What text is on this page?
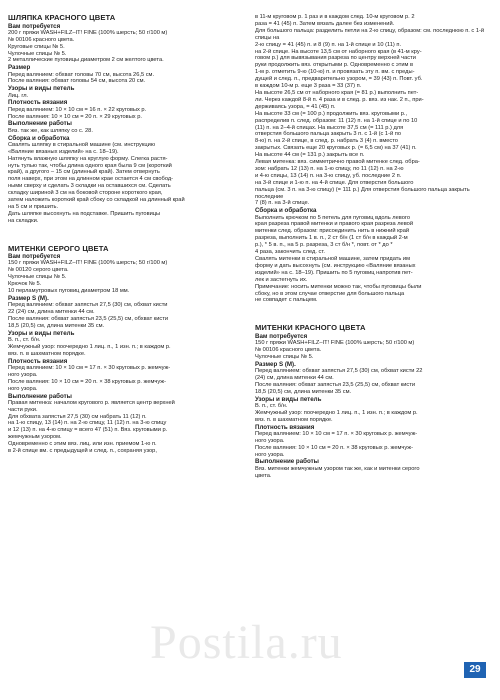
ШЛЯПКА КРАСНОГО ЦВЕТА

Вам потребуется

200 г пряжи WASH+FILZ–IT! FINE (100% шерсть; 50 г/100 м)

№ 00106 красного цвета.

Круговые спицы № 5.

Чулочные спицы № 5.

2 металлические пуговицы диаметром 2 см желтого цвета.

Размер

Перед валянием: обхват головы 70 см, высота 26,5 см.

После валяния: обхват головы 54 см, высота 20 см.

Узоры и виды петель

Лиц. гл.

Плотность вязания

Перед валянием: 10 × 10 см = 16 п. × 22 круговых р.

После валяния: 10 × 10 см = 20 п. × 29 круговых р.

Выполнение работы

Вяз. так же, как шляпку со с. 28.

Сборка и обработка

Свалять шляпку в стиральной машине (см. инструкцию

«Валяние вязаных изделий» на с. 18–19).

Натянуть влажную шляпку на круглую форму. Слегка растя-

нуть тулью так, чтобы длина одного края была 9 см (короткий

край), а другого – 15 см (длинный край). Затем отвернуть

поля наверх, при этом на длинном крае остается 4 см свобод-

ными сверху и сделать 3 складки на оставшихся см. Сделать

складку шириной 3 см на боковой стороне короткого края,

затем наложить короткий край сбоку со складкой на длинный край

на 5 см и пришить.

Дать шляпке высохнуть на подставке. Пришить пуговицы

на складки.

МИТЕНКИ СЕРОГО ЦВЕТА

Вам потребуется

150 г пряжи WASH+FILZ–IT! FINE (100% шерсть; 50 г/100 м)

№ 00120 серого цвета.

Чулочные спицы № 5.

Крючок № 5.

10 перламутровых пуговиц диаметром 18 мм.

Размер S (M).

Перед валянием: обхват запястья 27,5 (30) см, обхват кисти

22 (24) см, длина митенки 44 см.

После валяния: обхват запястья 23,5 (25,5) см, обхват кисти

18,5 (20,5) см, длина митенки 35 см.

Узоры и виды петель

В. п., ст. б/н.

Жемчужный узор: поочередно 1 лиц. п., 1 изн. п.; в каждом р.

вяз. п. в шахматном порядке.

Плотность вязания

Перед валянием: 10 × 10 см = 17 п. × 30 круговых р. жемчуж-

ного узора.

После валяния: 10 × 10 см = 20 п. × 38 круговых р. жемчуж-

ного узора.

Выполнение работы

Правая митенка: началом кругового р. является центр верхней

части руки.

Для обхвата запястья 27,5 (30) см набрать 11 (12) п.

на 1-ю спицу, 13 (14) п. на 2-ю спицу, 11 (12) п. на 3-ю спицу

и 12 (13) п. на 4-ю спицу = всего 47 (51) п. Вяз. круговыми р.

жемчужным узором.

Одновременно с этим вяз. лиц. или изн. приемом 1-ю п.

в 2-й спице вм. с предыдущей и след. п., сохраняя узор,

в 11-м круговом р. 1 раз и в каждом след. 10-м круговом р. 2

раза = 41 (45) п. Затем вязать далее без изменений.

Для большого пальца: разделить петли на 2-ю спицу, образом: см. последнюю п. с 1-й спицы на

2-ю спицу = 41 (45) п. и 8 (9) п. на 1-й спице и 10 (11) п.

на 2-й спице. На высоте 13,5 см от наборного края (в 41-м кру-

говом р.) для вывязывания разреза по центру верхней части

руки продолжить вяз. открытыми р. Одновременно с этим в

1-м р. отметить 9-ю (10-ю) п. и провязать эту п. вм. с преды-

дущей и след. п., предварительно узором, = 39 (43) п. Повт. уб.

в каждом 10-м р. еще 3 раза = 33 (37) п.

На высоте 26,5 см от наборного края (= 81 р.) выполнить пет-

ли. Через каждой 8-й п. 4 раза и в след. р. вяз. из нак. 2 п., при-

держиваясь узора, = 41 (45) п.

На высоте 33 см (= 100 р.) продолжить вяз. круговыми р.,

распределив п. след. образом: 11 (12) п. на 1-й спице и по 10

(11) п. на 2–4-й спицах. На высоте 37,5 см (= 111 р.) для

отверстия большого пальца закрыть 3 п. с 1-й (с 1-й по

8-ю) п. на 2-й спице, в след. р. набрать 3 (4) п. вместо

закрытых. Связать еще 20 круговых р. (= 6,5 см) на 37 (41) п.

На высоте 44 см (= 131 р.) закрыть все п.

Левая митенка: вяз. симметрично правой митенке след. обра-

зом: набрать 12 (13) п. на 1-ю спицу, по 11 (12) п. на 2-ю

и 4-ю спицы, 13 (14) п. на 3-ю спицу, уб. последние 2 п.

на 3-й спице и 1-ю п. на 4-й спице. Для отверстия большого

пальца (см. 3 п. на 3-ю спицу) (= 111 р.) Для отверстия большого пальца закрыть последние

7 (8) п. на 3-й спице.

Сборка и обработка

Выполнить крючком по 5 петель для пуговиц вдоль левого

края разреза правой митенки и правого края разреза левой

митенки след. образом: присоединить нить в нижний край

разреза, выполнить 1 в. п., 2 ст б/н (1 ст б/н в каждый 2-м

р.), * 5 в. п., на 5 р. разреза, 3 ст б/н *, повт. от * до *

4 раза, закончить след. ст.

Свалять митенки в стиральной машине, затем придать им

форму и дать высохнуть (см. инструкцию «Валяние вязаных

изделий» на с. 18–19). Пришить по 5 пуговиц напротив пет-

лек и застегнуть их.

Примечание: носить митенки можно так, чтобы пуговицы были

сбоку, но в этом случае отверстие для большого пальца

не совпадет с пальцем.

МИТЕНКИ КРАСНОГО ЦВЕТА

Вам потребуется

150 г пряжи WASH+FILZ–IT! FINE (100% шерсть; 50 г/100 м)

№ 00106 красного цвета.

Чулочные спицы № 5.

Размер S (M).

Перед валянием: обхват запястья 27,5 (30) см, обхват кисти 22

(24) см, длина митенки 44 см.

После валяния: обхват запястья 23,5 (25,5) см, обхват кисти

18,5 (20,5) см, длина митенки 35 см.

Узоры и виды петель

В. п., ст. б/н.

Жемчужный узор: поочередно 1 лиц. п., 1 изн. п.; в каждом р.

вяз. п. в шахматном порядке.

Плотность вязания

Перед валянием: 10 × 10 см = 17 п. × 30 круговых р. жемчуж-

ного узора.

После валяния: 10 × 10 см = 20 п. × 38 круговых р. жемчуж-

ного узора.

Выполнение работы

Вяз. митенки жемчужным узором так же, как и митенки серого

цвета.

Postila.ru
29
